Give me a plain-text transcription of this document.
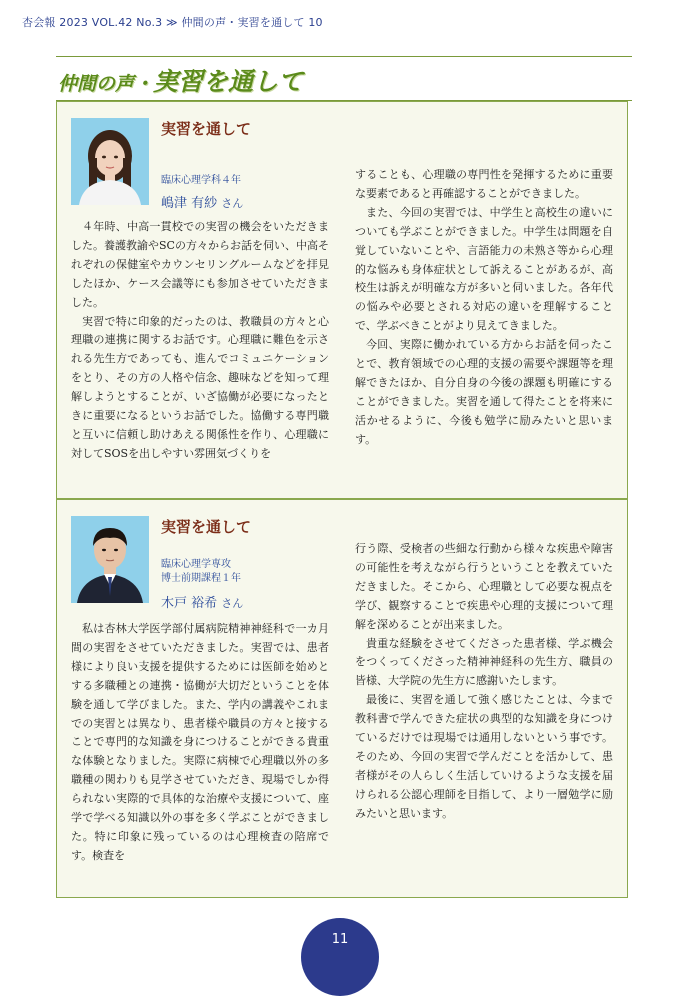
杏会報 2023 VOL.42 No.3 ≫ 仲間の声・実習を通して 10
仲間の声・実習を通して
実習を通して
臨床心理学科４年
嶋津 有紗 さん

４年時、中高一貫校での実習の機会をいただきました。養護教諭やSCの方々からお話を伺い、中高それぞれの保健室やカウンセリングルームなどを拝見したほか、ケース会議等にも参加させていただきました。

実習で特に印象的だったのは、教職員の方々と心理職の連携に関するお話です。心理職に難色を示される先生方であっても、進んでコミュニケーションをとり、その方の人格や信念、趣味などを知って理解しようとすることが、いざ協働が必要になったときに重要になるというお話でした。協働する専門職と互いに信頼し助けあえる関係性を作り、心理職に対してSOSを出しやすい雰囲気づくりを

することも、心理職の専門性を発揮するために重要な要素であると再確認することができました。

また、今回の実習では、中学生と高校生の違いについても学ぶことができました。中学生は問題を自覚していないことや、言語能力の未熟さ等から心理的な悩みも身体症状として訴えることがあるが、高校生は訴えが明確な方が多いと伺いました。各年代の悩みや必要とされる対応の違いを理解することで、学ぶべきことがより見えてきました。

今回、実際に働かれている方からお話を伺ったことで、教育領域での心理的支援の需要や課題等を理解できたほか、自分自身の今後の課題も明確にすることができました。実習を通して得たことを将来に活かせるように、今後も勉学に励みたいと思います。

実習を通して
臨床心理学専攻
博士前期課程１年
木戸 裕希 さん

私は杏林大学医学部付属病院精神神経科で一カ月間の実習をさせていただきました。実習では、患者様により良い支援を提供するためには医師を始めとする多職種との連携・協働が大切だということを体験を通して学びました。また、学内の講義やこれまでの実習とは異なり、患者様や職員の方々と接することで専門的な知識を身につけることができる貴重な体験となりました。実際に病棟で心理職以外の多職種の関わりも見学させていただき、現場でしか得られない実際的で具体的な治療や支援について、座学で学べる知識以外の事を多く学ぶことができました。特に印象に残っているのは心理検査の陪席です。検査を

行う際、受検者の些細な行動から様々な疾患や障害の可能性を考えながら行うということを教えていただきました。そこから、心理職として必要な視点を学び、観察することで疾患や心理的支援について理解を深めることが出来ました。

貴重な経験をさせてくださった患者様、学ぶ機会をつくってくださった精神神経科の先生方、職員の皆様、大学院の先生方に感謝いたします。

最後に、実習を通して強く感じたことは、今まで教科書で学んできた症状の典型的な知識を身につけているだけでは現場では通用しないという事です。そのため、今回の実習で学んだことを活かして、患者様がその人らしく生活していけるような支援を届けられる公認心理師を目指して、より一層勉学に励みたいと思います。

11
